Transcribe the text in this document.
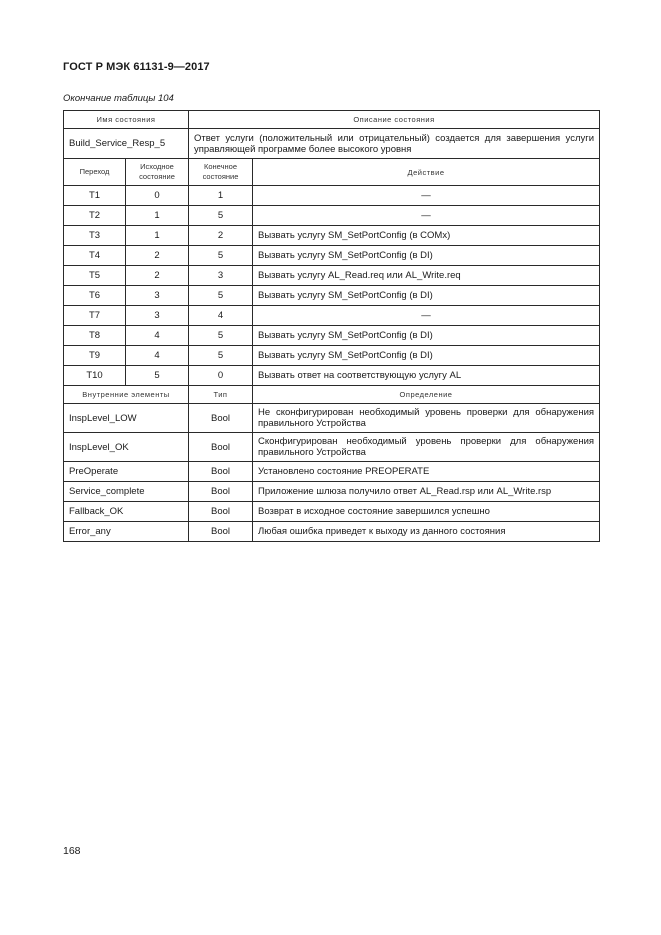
ГОСТ Р МЭК 61131-9—2017
Окончание таблицы 104
Имя состояния		Описание состояния	
Build_Service_Resp_5		Ответ услуги (положительный или отрицательный) создается для завершения услуги управляющей программе более высокого уровня	
Переход	Исходное состояние	Конечное состояние	Действие
T1	0	1	—
T2	1	5	—
T3	1	2	Вызвать услугу SM_SetPortConfig (в COMx)
T4	2	5	Вызвать услугу SM_SetPortConfig (в DI)
T5	2	3	Вызвать услугу AL_Read.req или AL_Write.req
T6	3	5	Вызвать услугу SM_SetPortConfig (в DI)
T7	3	4	—
T8	4	5	Вызвать услугу SM_SetPortConfig (в DI)
T9	4	5	Вызвать услугу SM_SetPortConfig (в DI)
T10	5	0	Вызвать ответ на соответствующую услугу AL
Внутренние элементы		Тип	Определение
InspLevel_LOW		Bool	Не сконфигурирован необходимый уровень проверки для обнаружения правильного Устройства
InspLevel_OK		Bool	Сконфигурирован необходимый уровень проверки для обнаружения правильного Устройства
PreOperate		Bool	Установлено состояние PREOPERATE
Service_complete		Bool	Приложение шлюза получило ответ AL_Read.rsp или AL_Write.rsp
Fallback_OK		Bool	Возврат в исходное состояние завершился успешно
Error_any		Bool	Любая ошибка приведет к выходу из данного состояния
168
